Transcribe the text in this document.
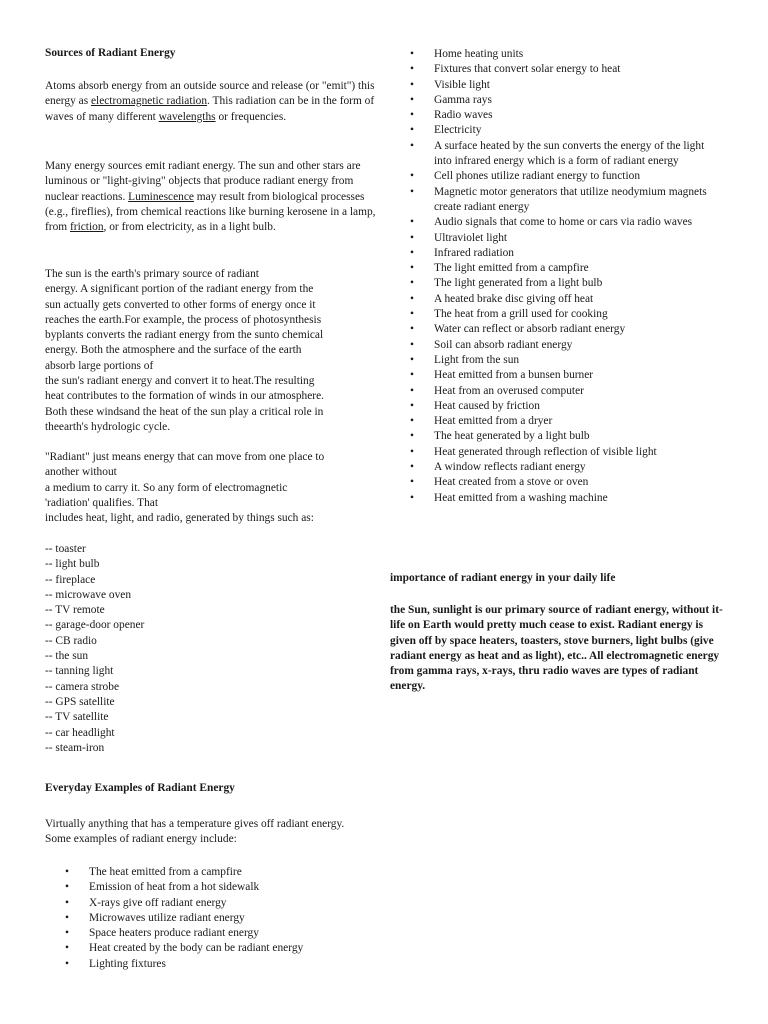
Sources of Radiant Energy

Atoms absorb energy from an outside source and release (or "emit") this energy as electromagnetic radiation. This radiation can be in the form of waves of many different wavelengths or frequencies.

Many energy sources emit radiant energy. The sun and other stars are luminous or "light-giving" objects that produce radiant energy from nuclear reactions. Luminescence may result from biological processes (e.g., fireflies), from chemical reactions like burning kerosene in a lamp, from friction, or from electricity, as in a light bulb.

The sun is the earth's primary source of radiant
energy. A significant portion of the radiant energy from the
sun actually gets converted to other forms of energy once it
reaches the earth.For example, the process of photosynthesis
byplants converts the radiant energy from the sunto chemical
energy. Both the atmosphere and the surface of the earth
absorb large portions of
the sun's radiant energy and convert it to heat.The resulting
heat contributes to the formation of winds in our atmosphere.
Both these windsand the heat of the sun play a critical role in
theearth's hydrologic cycle.
"Radiant" just means energy that can move from one place to
another without
a medium to carry it. So any form of electromagnetic
'radiation' qualifies. That
includes heat, light, and radio, generated by things such as:
-- toaster
-- light bulb
-- fireplace
-- microwave oven
-- TV remote
-- garage-door opener
-- CB radio
-- the sun
-- tanning light
-- camera strobe
-- GPS satellite
-- TV satellite
-- car headlight
-- steam-iron
Everyday Examples of Radiant Energy

Virtually anything that has a temperature gives off radiant energy. Some examples of radiant energy include:

• The heat emitted from a campfire
• Emission of heat from a hot sidewalk
• X-rays give off radiant energy
• Microwaves utilize radiant energy
• Space heaters produce radiant energy
• Heat created by the body can be radiant energy
• Lighting fixtures
• Home heating units
• Fixtures that convert solar energy to heat
• Visible light
• Gamma rays
• Radio waves
• Electricity
• A surface heated by the sun converts the energy of the light into infrared energy which is a form of radiant energy
• Cell phones utilize radiant energy to function
• Magnetic motor generators that utilize neodymium magnets create radiant energy
• Audio signals that come to home or cars via radio waves
• Ultraviolet light
• Infrared radiation
• The light emitted from a campfire
• The light generated from a light bulb
• A heated brake disc giving off heat
• The heat from a grill used for cooking
• Water can reflect or absorb radiant energy
• Soil can absorb radiant energy
• Light from the sun
• Heat emitted from a bunsen burner
• Heat from an overused computer
• Heat caused by friction
• Heat emitted from a dryer
• The heat generated by a light bulb
• Heat generated through reflection of visible light
• A window reflects radiant energy
• Heat created from a stove or oven
• Heat emitted from a washing machine
importance of radiant energy in your daily life

the Sun, sunlight is our primary source of radiant energy, without it- life on Earth would pretty much cease to exist. Radiant energy is given off by space heaters, toasters, stove burners, light bulbs (give radiant energy as heat and as light), etc.. All electromagnetic energy from gamma rays, x-rays, thru radio waves are types of radiant energy.
